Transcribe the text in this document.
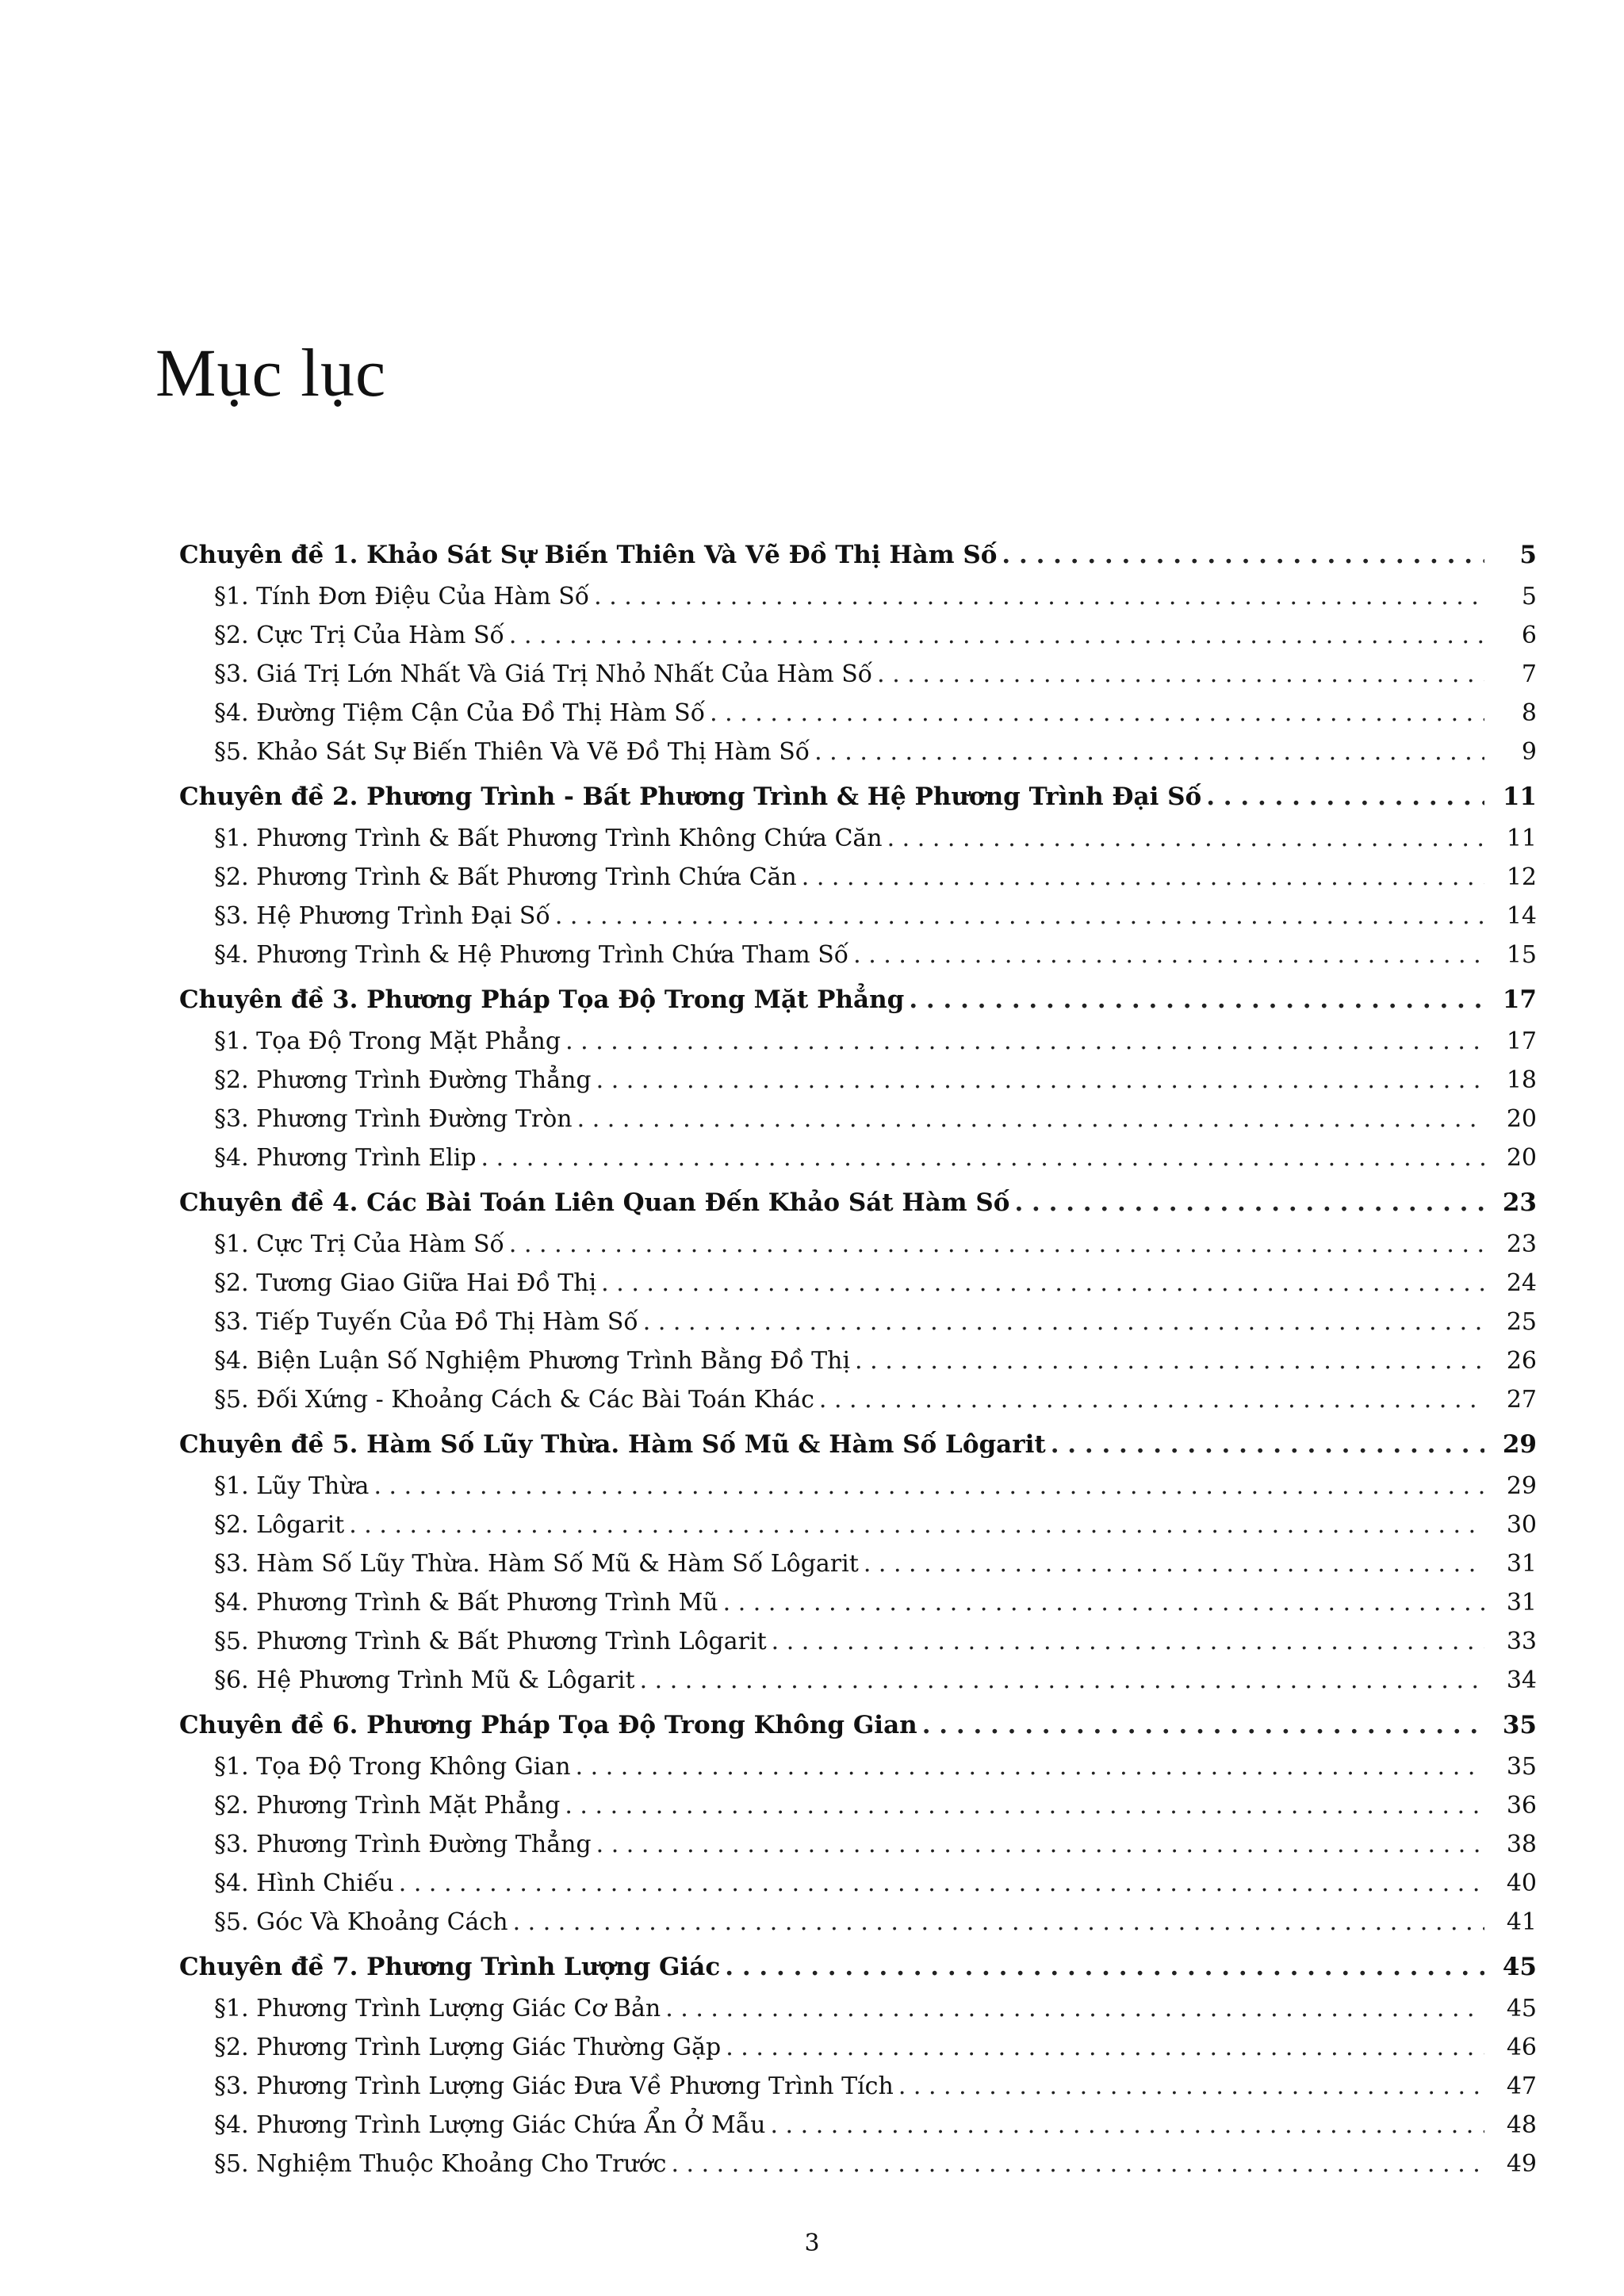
Mục lục
Chuyên đề 1. Khảo Sát Sự Biến Thiên Và Vẽ Đồ Thị Hàm Số . . .	5
§1. Tính Đơn Điệu Của Hàm Số . . .	5
§2. Cực Trị Của Hàm Số . . .	6
§3. Giá Trị Lớn Nhất Và Giá Trị Nhỏ Nhất Của Hàm Số . . .	7
§4. Đường Tiệm Cận Của Đồ Thị Hàm Số . . .	8
§5. Khảo Sát Sự Biến Thiên Và Vẽ Đồ Thị Hàm Số . . .	9
Chuyên đề 2. Phương Trình - Bất Phương Trình & Hệ Phương Trình Đại Số . . .	11
§1. Phương Trình & Bất Phương Trình Không Chứa Căn . . .	11
§2. Phương Trình & Bất Phương Trình Chứa Căn . . .	12
§3. Hệ Phương Trình Đại Số . . .	14
§4. Phương Trình & Hệ Phương Trình Chứa Tham Số . . .	15
Chuyên đề 3. Phương Pháp Tọa Độ Trong Mặt Phẳng . . .	17
§1. Tọa Độ Trong Mặt Phẳng . . .	17
§2. Phương Trình Đường Thẳng . . .	18
§3. Phương Trình Đường Tròn . . .	20
§4. Phương Trình Elip . . .	20
Chuyên đề 4. Các Bài Toán Liên Quan Đến Khảo Sát Hàm Số . . .	23
§1. Cực Trị Của Hàm Số . . .	23
§2. Tương Giao Giữa Hai Đồ Thị . . .	24
§3. Tiếp Tuyến Của Đồ Thị Hàm Số . . .	25
§4. Biện Luận Số Nghiệm Phương Trình Bằng Đồ Thị . . .	26
§5. Đối Xứng - Khoảng Cách & Các Bài Toán Khác . . .	27
Chuyên đề 5. Hàm Số Lũy Thừa. Hàm Số Mũ & Hàm Số Lôgarit . . .	29
§1. Lũy Thừa . . .	29
§2. Lôgarit . . .	30
§3. Hàm Số Lũy Thừa. Hàm Số Mũ & Hàm Số Lôgarit . . .	31
§4. Phương Trình & Bất Phương Trình Mũ . . .	31
§5. Phương Trình & Bất Phương Trình Lôgarit . . .	33
§6. Hệ Phương Trình Mũ & Lôgarit . . .	34
Chuyên đề 6. Phương Pháp Tọa Độ Trong Không Gian . . .	35
§1. Tọa Độ Trong Không Gian . . .	35
§2. Phương Trình Mặt Phẳng . . .	36
§3. Phương Trình Đường Thẳng . . .	38
§4. Hình Chiếu . . .	40
§5. Góc Và Khoảng Cách . . .	41
Chuyên đề 7. Phương Trình Lượng Giác . . .	45
§1. Phương Trình Lượng Giác Cơ Bản . . .	45
§2. Phương Trình Lượng Giác Thường Gặp . . .	46
§3. Phương Trình Lượng Giác Đưa Về Phương Trình Tích . . .	47
§4. Phương Trình Lượng Giác Chứa Ẩn Ở Mẫu . . .	48
§5. Nghiệm Thuộc Khoảng Cho Trước . . .	49
3
